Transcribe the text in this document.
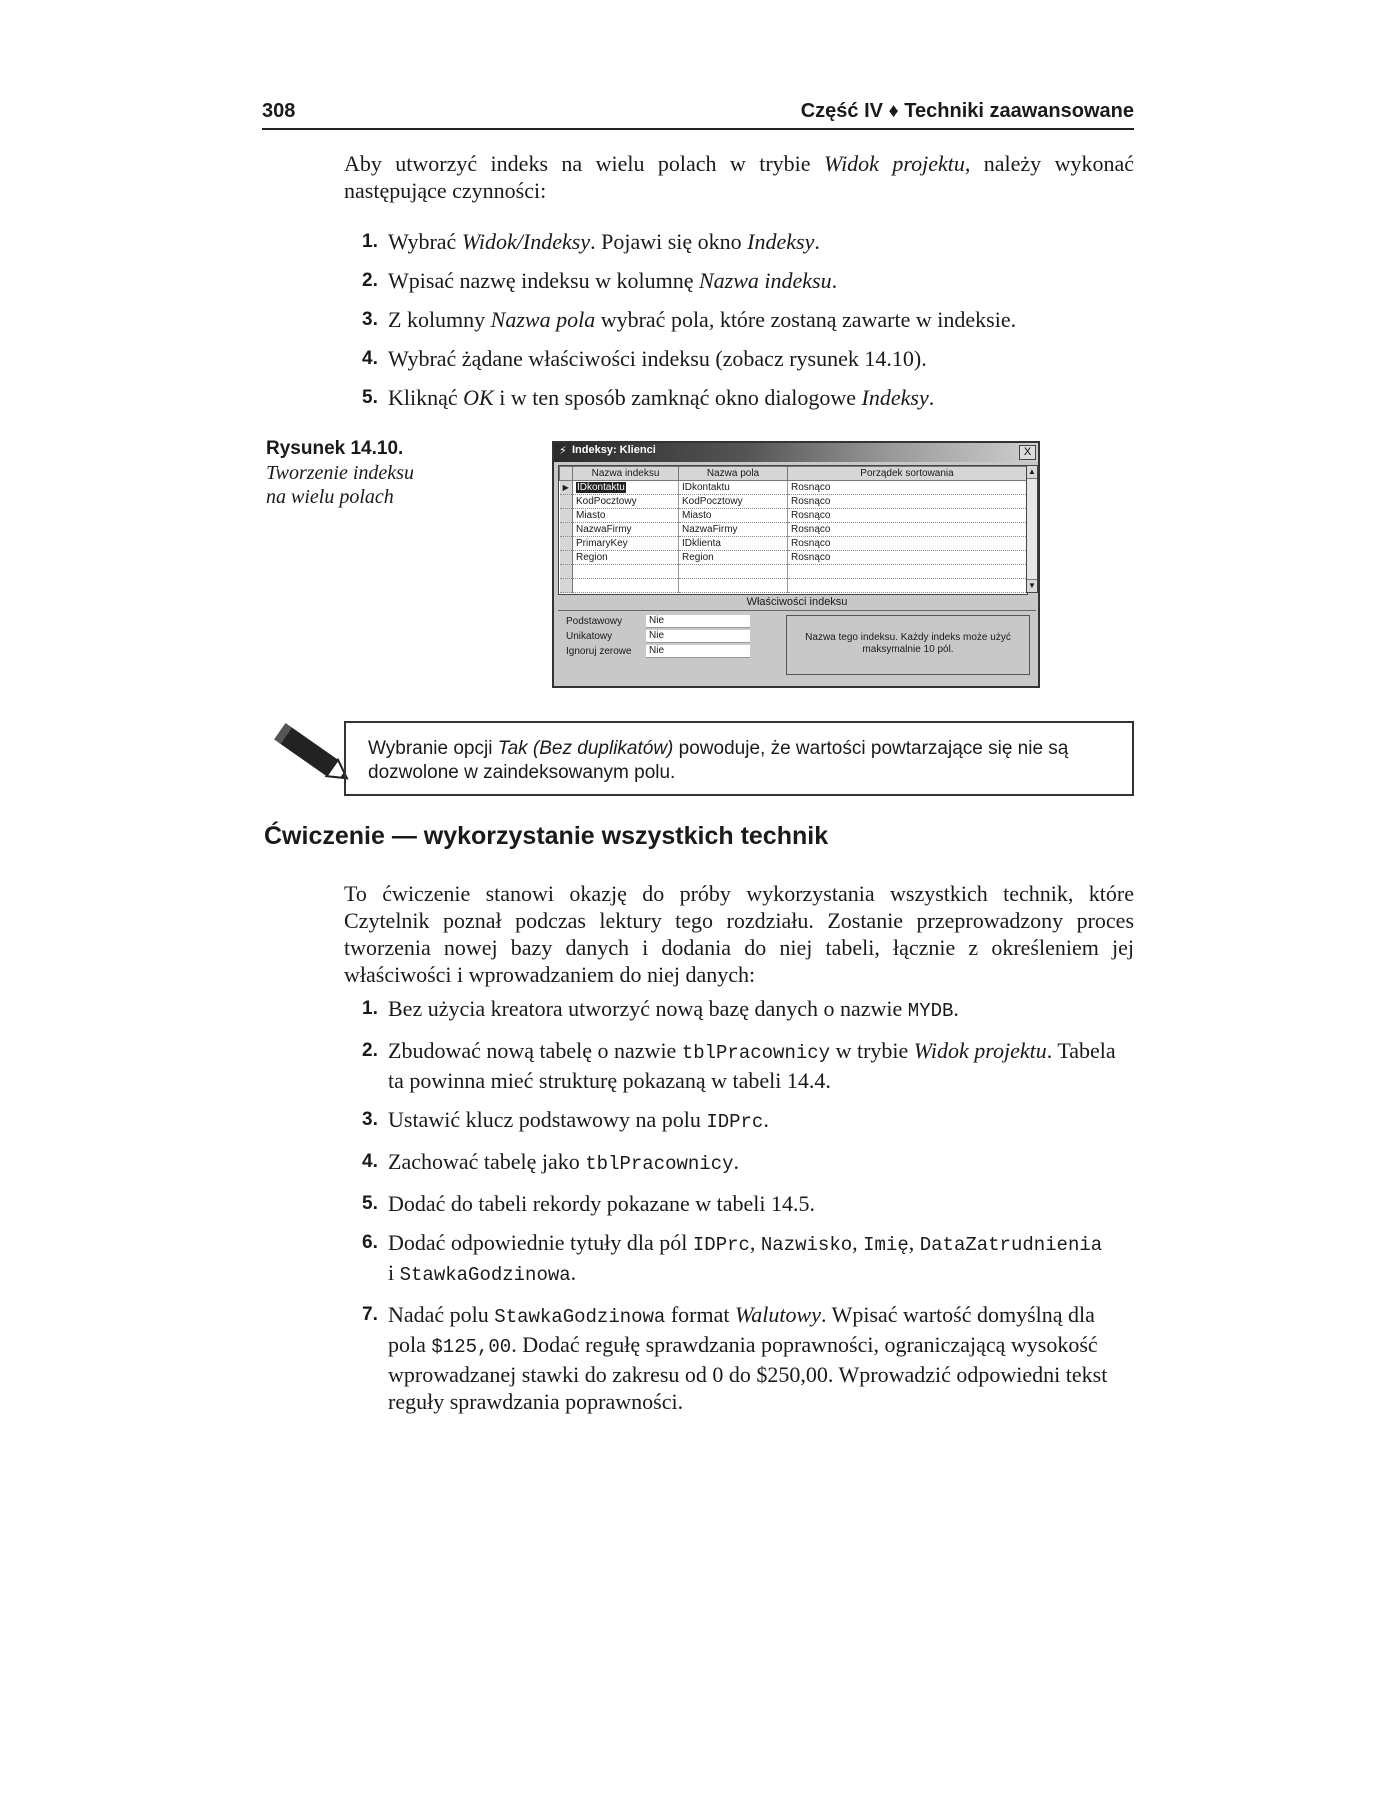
308	Część IV ♦ Techniki zaawansowane

Aby utworzyć indeks na wielu polach w trybie Widok projektu, należy wykonać następujące czynności:

1. Wybrać Widok/Indeksy. Pojawi się okno Indeksy.
2. Wpisać nazwę indeksu w kolumnę Nazwa indeksu.
3. Z kolumny Nazwa pola wybrać pola, które zostaną zawarte w indeksie.
4. Wybrać żądane właściwości indeksu (zobacz rysunek 14.10).
5. Kliknąć OK i w ten sposób zamknąć okno dialogowe Indeksy.
Rysunek 14.10.
Tworzenie indeksu
na wielu polach
⚡ Indeksy: Klienci	X
	Nazwa indeksu	Nazwa pola	Porządek sortowania
▶	IDkontaktu	IDkontaktu	Rosnąco
	KodPocztowy	KodPocztowy	Rosnąco
	Miasto	Miasto	Rosnąco
	NazwaFirmy	NazwaFirmy	Rosnąco
	PrimaryKey	IDklienta	Rosnąco
	Region	Region	Rosnąco

▲
▼
Właściwości indeksu
Podstawowy	Nie
Unikatowy	Nie
Ignoruj zerowe	Nie
Nazwa tego indeksu. Każdy indeks może użyć maksymalnie 10 pól.
Wybranie opcji Tak (Bez duplikatów) powoduje, że wartości powtarzające się nie są dozwolone w zaindeksowanym polu.
Ćwiczenie — wykorzystanie wszystkich technik

To ćwiczenie stanowi okazję do próby wykorzystania wszystkich technik, które Czytelnik poznał podczas lektury tego rozdziału. Zostanie przeprowadzony proces tworzenia nowej bazy danych i dodania do niej tabeli, łącznie z określeniem jej właściwości i wprowadzaniem do niej danych:

1. Bez użycia kreatora utworzyć nową bazę danych o nazwie MYDB.
2. Zbudować nową tabelę o nazwie tblPracownicy w trybie Widok projektu. Tabela ta powinna mieć strukturę pokazaną w tabeli 14.4.
3. Ustawić klucz podstawowy na polu IDPrc.
4. Zachować tabelę jako tblPracownicy.
5. Dodać do tabeli rekordy pokazane w tabeli 14.5.
6. Dodać odpowiednie tytuły dla pól IDPrc, Nazwisko, Imię, DataZatrudnienia
i StawkaGodzinowa.
7. Nadać polu StawkaGodzinowa format Walutowy. Wpisać wartość domyślną dla pola $125,00. Dodać regułę sprawdzania poprawności, ograniczającą wysokość wprowadzanej stawki do zakresu od 0 do $250,00. Wprowadzić odpowiedni tekst reguły sprawdzania poprawności.
